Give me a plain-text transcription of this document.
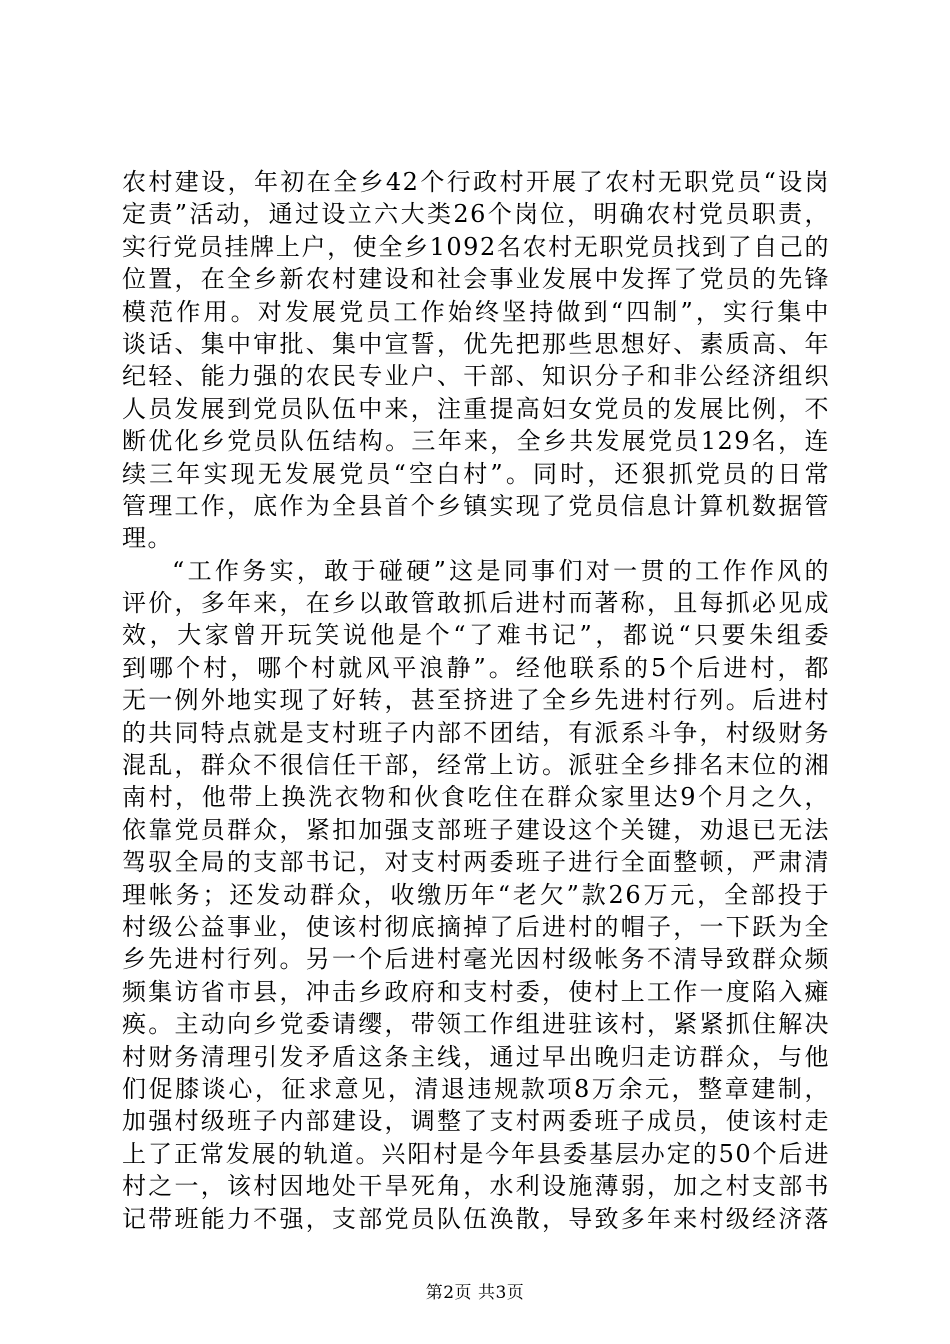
农村建设，年初在全乡42个行政村开展了农村无职党员“设岗
定责”活动，通过设立六大类26个岗位，明确农村党员职责，
实行党员挂牌上户，使全乡1092名农村无职党员找到了自己的
位置，在全乡新农村建设和社会事业发展中发挥了党员的先锋
模范作用。对发展党员工作始终坚持做到“四制”，实行集中
谈话、集中审批、集中宣誓，优先把那些思想好、素质高、年
纪轻、能力强的农民专业户、干部、知识分子和非公经济组织
人员发展到党员队伍中来，注重提高妇女党员的发展比例，不
断优化乡党员队伍结构。三年来，全乡共发展党员129名，连
续三年实现无发展党员“空白村”。同时，还狠抓党员的日常
管理工作，底作为全县首个乡镇实现了党员信息计算机数据管
理。
“工作务实，敢于碰硬”这是同事们对一贯的工作作风的
评价，多年来，在乡以敢管敢抓后进村而著称，且每抓必见成
效，大家曾开玩笑说他是个“了难书记”，都说“只要朱组委
到哪个村，哪个村就风平浪静”。经他联系的5个后进村，都
无一例外地实现了好转，甚至挤进了全乡先进村行列。后进村
的共同特点就是支村班子内部不团结，有派系斗争，村级财务
混乱，群众不很信任干部，经常上访。派驻全乡排名末位的湘
南村，他带上换洗衣物和伙食吃住在群众家里达9个月之久，
依靠党员群众，紧扣加强支部班子建设这个关键，劝退已无法
驾驭全局的支部书记，对支村两委班子进行全面整顿，严肃清
理帐务；还发动群众，收缴历年“老欠”款26万元，全部投于
村级公益事业，使该村彻底摘掉了后进村的帽子，一下跃为全
乡先进村行列。另一个后进村毫光因村级帐务不清导致群众频
频集访省市县，冲击乡政府和支村委，使村上工作一度陷入瘫
痪。主动向乡党委请缨，带领工作组进驻该村，紧紧抓住解决
村财务清理引发矛盾这条主线，通过早出晚归走访群众，与他
们促膝谈心，征求意见，清退违规款项8万余元，整章建制，
加强村级班子内部建设，调整了支村两委班子成员，使该村走
上了正常发展的轨道。兴阳村是今年县委基层办定的50个后进
村之一，该村因地处干旱死角，水利设施薄弱，加之村支部书
记带班能力不强，支部党员队伍涣散，导致多年来村级经济落
第2页 共3页
